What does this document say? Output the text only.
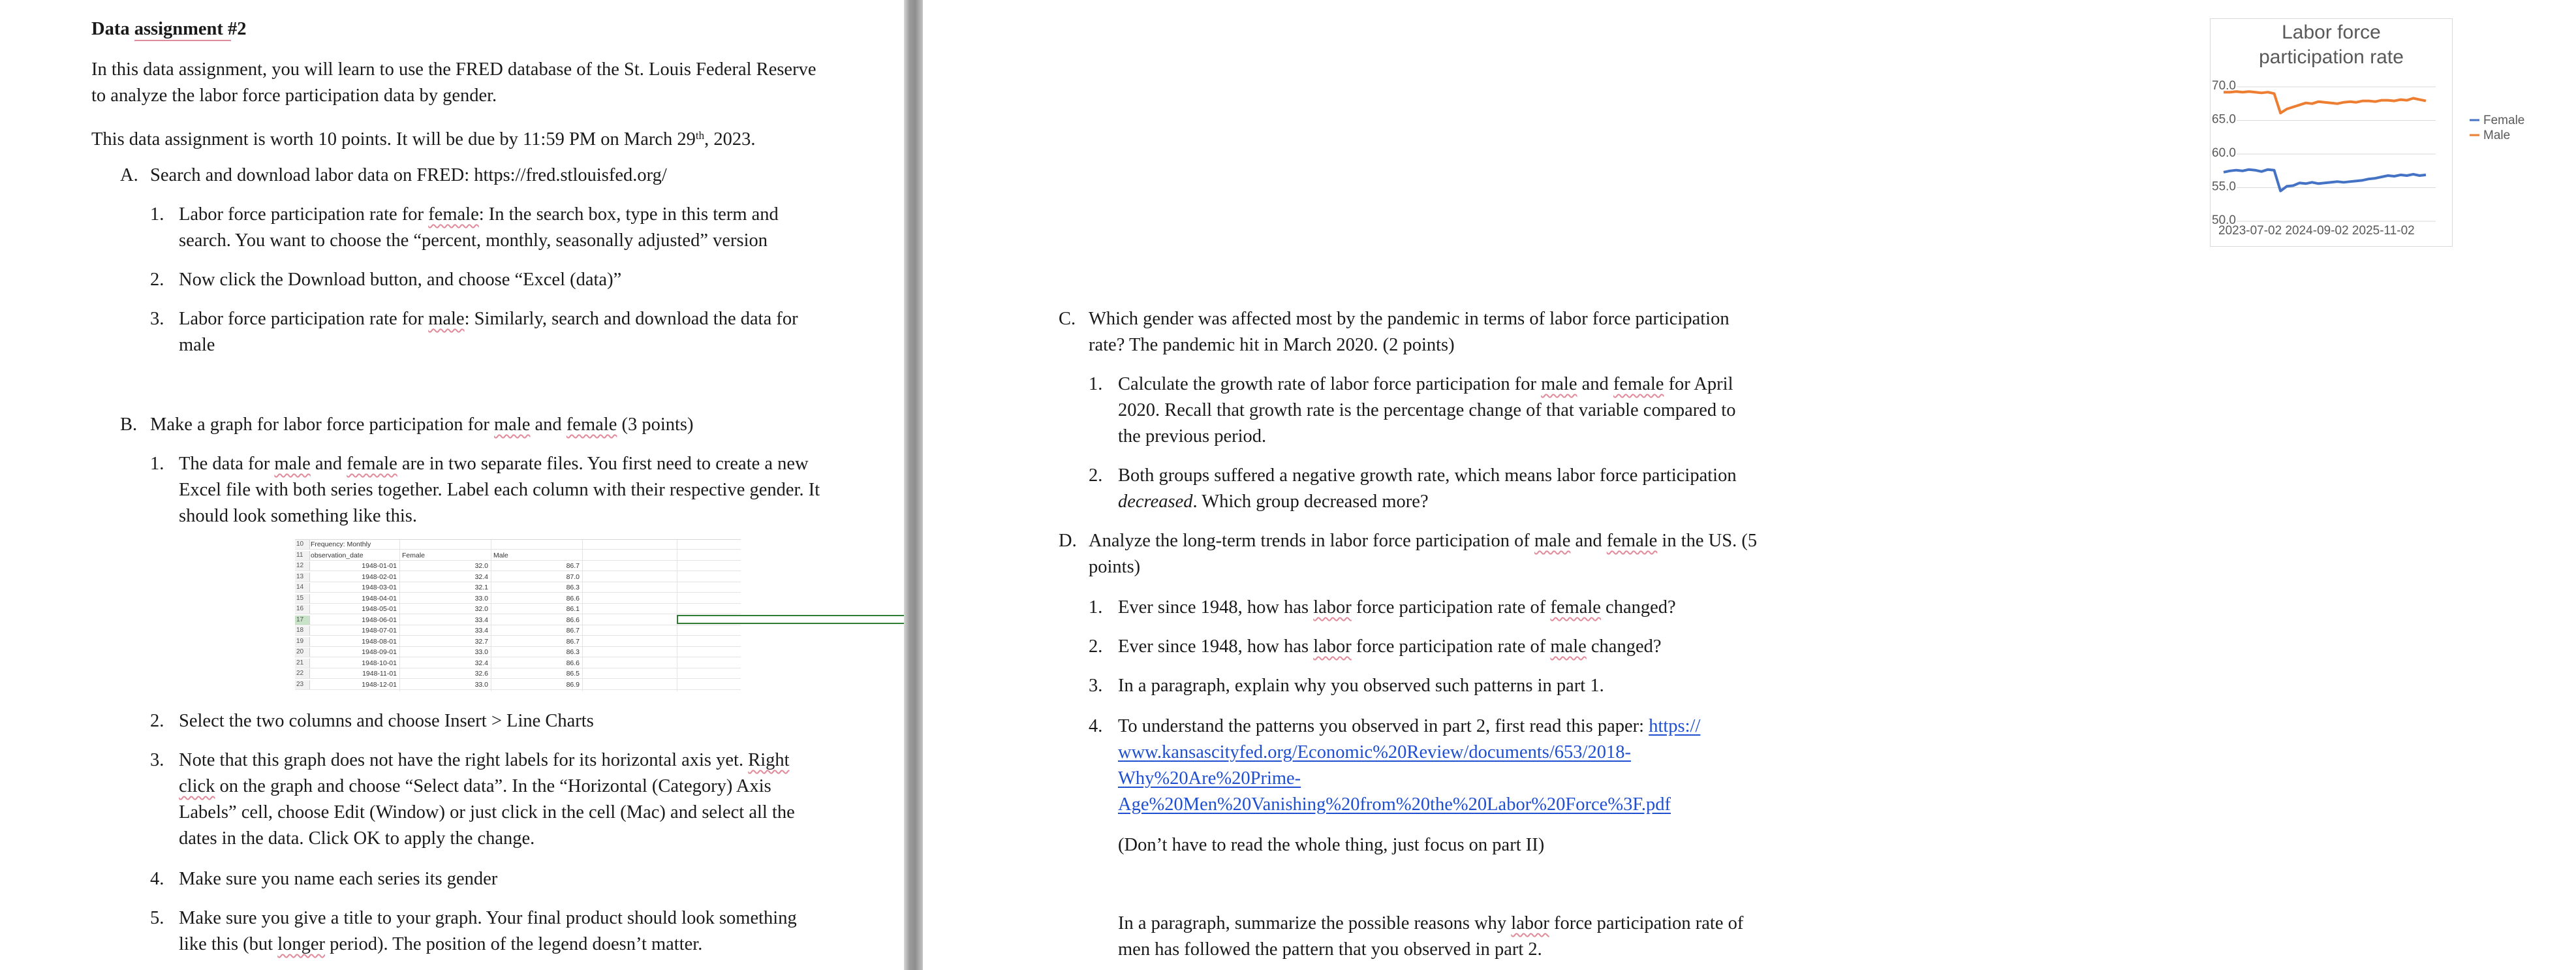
Data assignment #2
In this data assignment, you will learn to use the FRED database of the St. Louis Federal Reserve
to analyze the labor force participation data by gender.
This data assignment is worth 10 points. It will be due by 11:59 PM on March 29th, 2023.
A. Search and download labor data on FRED: https://fred.stlouisfed.org/
1. Labor force participation rate for female: In the search box, type in this term and
search. You want to choose the “percent, monthly, seasonally adjusted” version
2. Now click the Download button, and choose “Excel (data)”
3. Labor force participation rate for male: Similarly, search and download the data for
male
B. Make a graph for labor force participation for male and female (3 points)
1. The data for male and female are in two separate files. You first need to create a new
Excel file with both series together. Label each column with their respective gender. It
should look something like this.
2. Select the two columns and choose Insert > Line Charts
3. Note that this graph does not have the right labels for its horizontal axis yet. Right
click on the graph and choose “Select data”. In the “Horizontal (Category) Axis
Labels” cell, choose Edit (Window) or just click in the cell (Mac) and select all the
dates in the data. Click OK to apply the change.
4. Make sure you name each series its gender
5. Make sure you give a title to your graph. Your final product should look something
like this (but longer period). The position of the legend doesn’t matter.
10	Frequency: Monthly
11	observation_date	Female	Male
12	1948-01-01	32.0	86.7
13	1948-02-01	32.4	87.0
14	1948-03-01	32.1	86.3
15	1948-04-01	33.0	86.6
16	1948-05-01	32.0	86.1
17	1948-06-01	33.4	86.6
18	1948-07-01	33.4	86.7
19	1948-08-01	32.7	86.7
20	1948-09-01	33.0	86.3
21	1948-10-01	32.4	86.6
22	1948-11-01	32.6	86.5
23	1948-12-01	33.0	86.9
Labor force
participation rate
70.0
65.0
60.0
55.0
50.0
2023-07-02 2024-09-02 2025-11-02
Female
Male
C. Which gender was affected most by the pandemic in terms of labor force participation
rate? The pandemic hit in March 2020. (2 points)
1. Calculate the growth rate of labor force participation for male and female for April
2020. Recall that growth rate is the percentage change of that variable compared to
the previous period.
2. Both groups suffered a negative growth rate, which means labor force participation
decreased. Which group decreased more?
D. Analyze the long-term trends in labor force participation of male and female in the US. (5
points)
1. Ever since 1948, how has labor force participation rate of female changed?
2. Ever since 1948, how has labor force participation rate of male changed?
3. In a paragraph, explain why you observed such patterns in part 1.
4. To understand the patterns you observed in part 2, first read this paper: https://
www.kansascityfed.org/Economic%20Review/documents/653/2018-
Why%20Are%20Prime-
Age%20Men%20Vanishing%20from%20the%20Labor%20Force%3F.pdf
(Don’t have to read the whole thing, just focus on part II)
In a paragraph, summarize the possible reasons why labor force participation rate of
men has followed the pattern that you observed in part 2.
